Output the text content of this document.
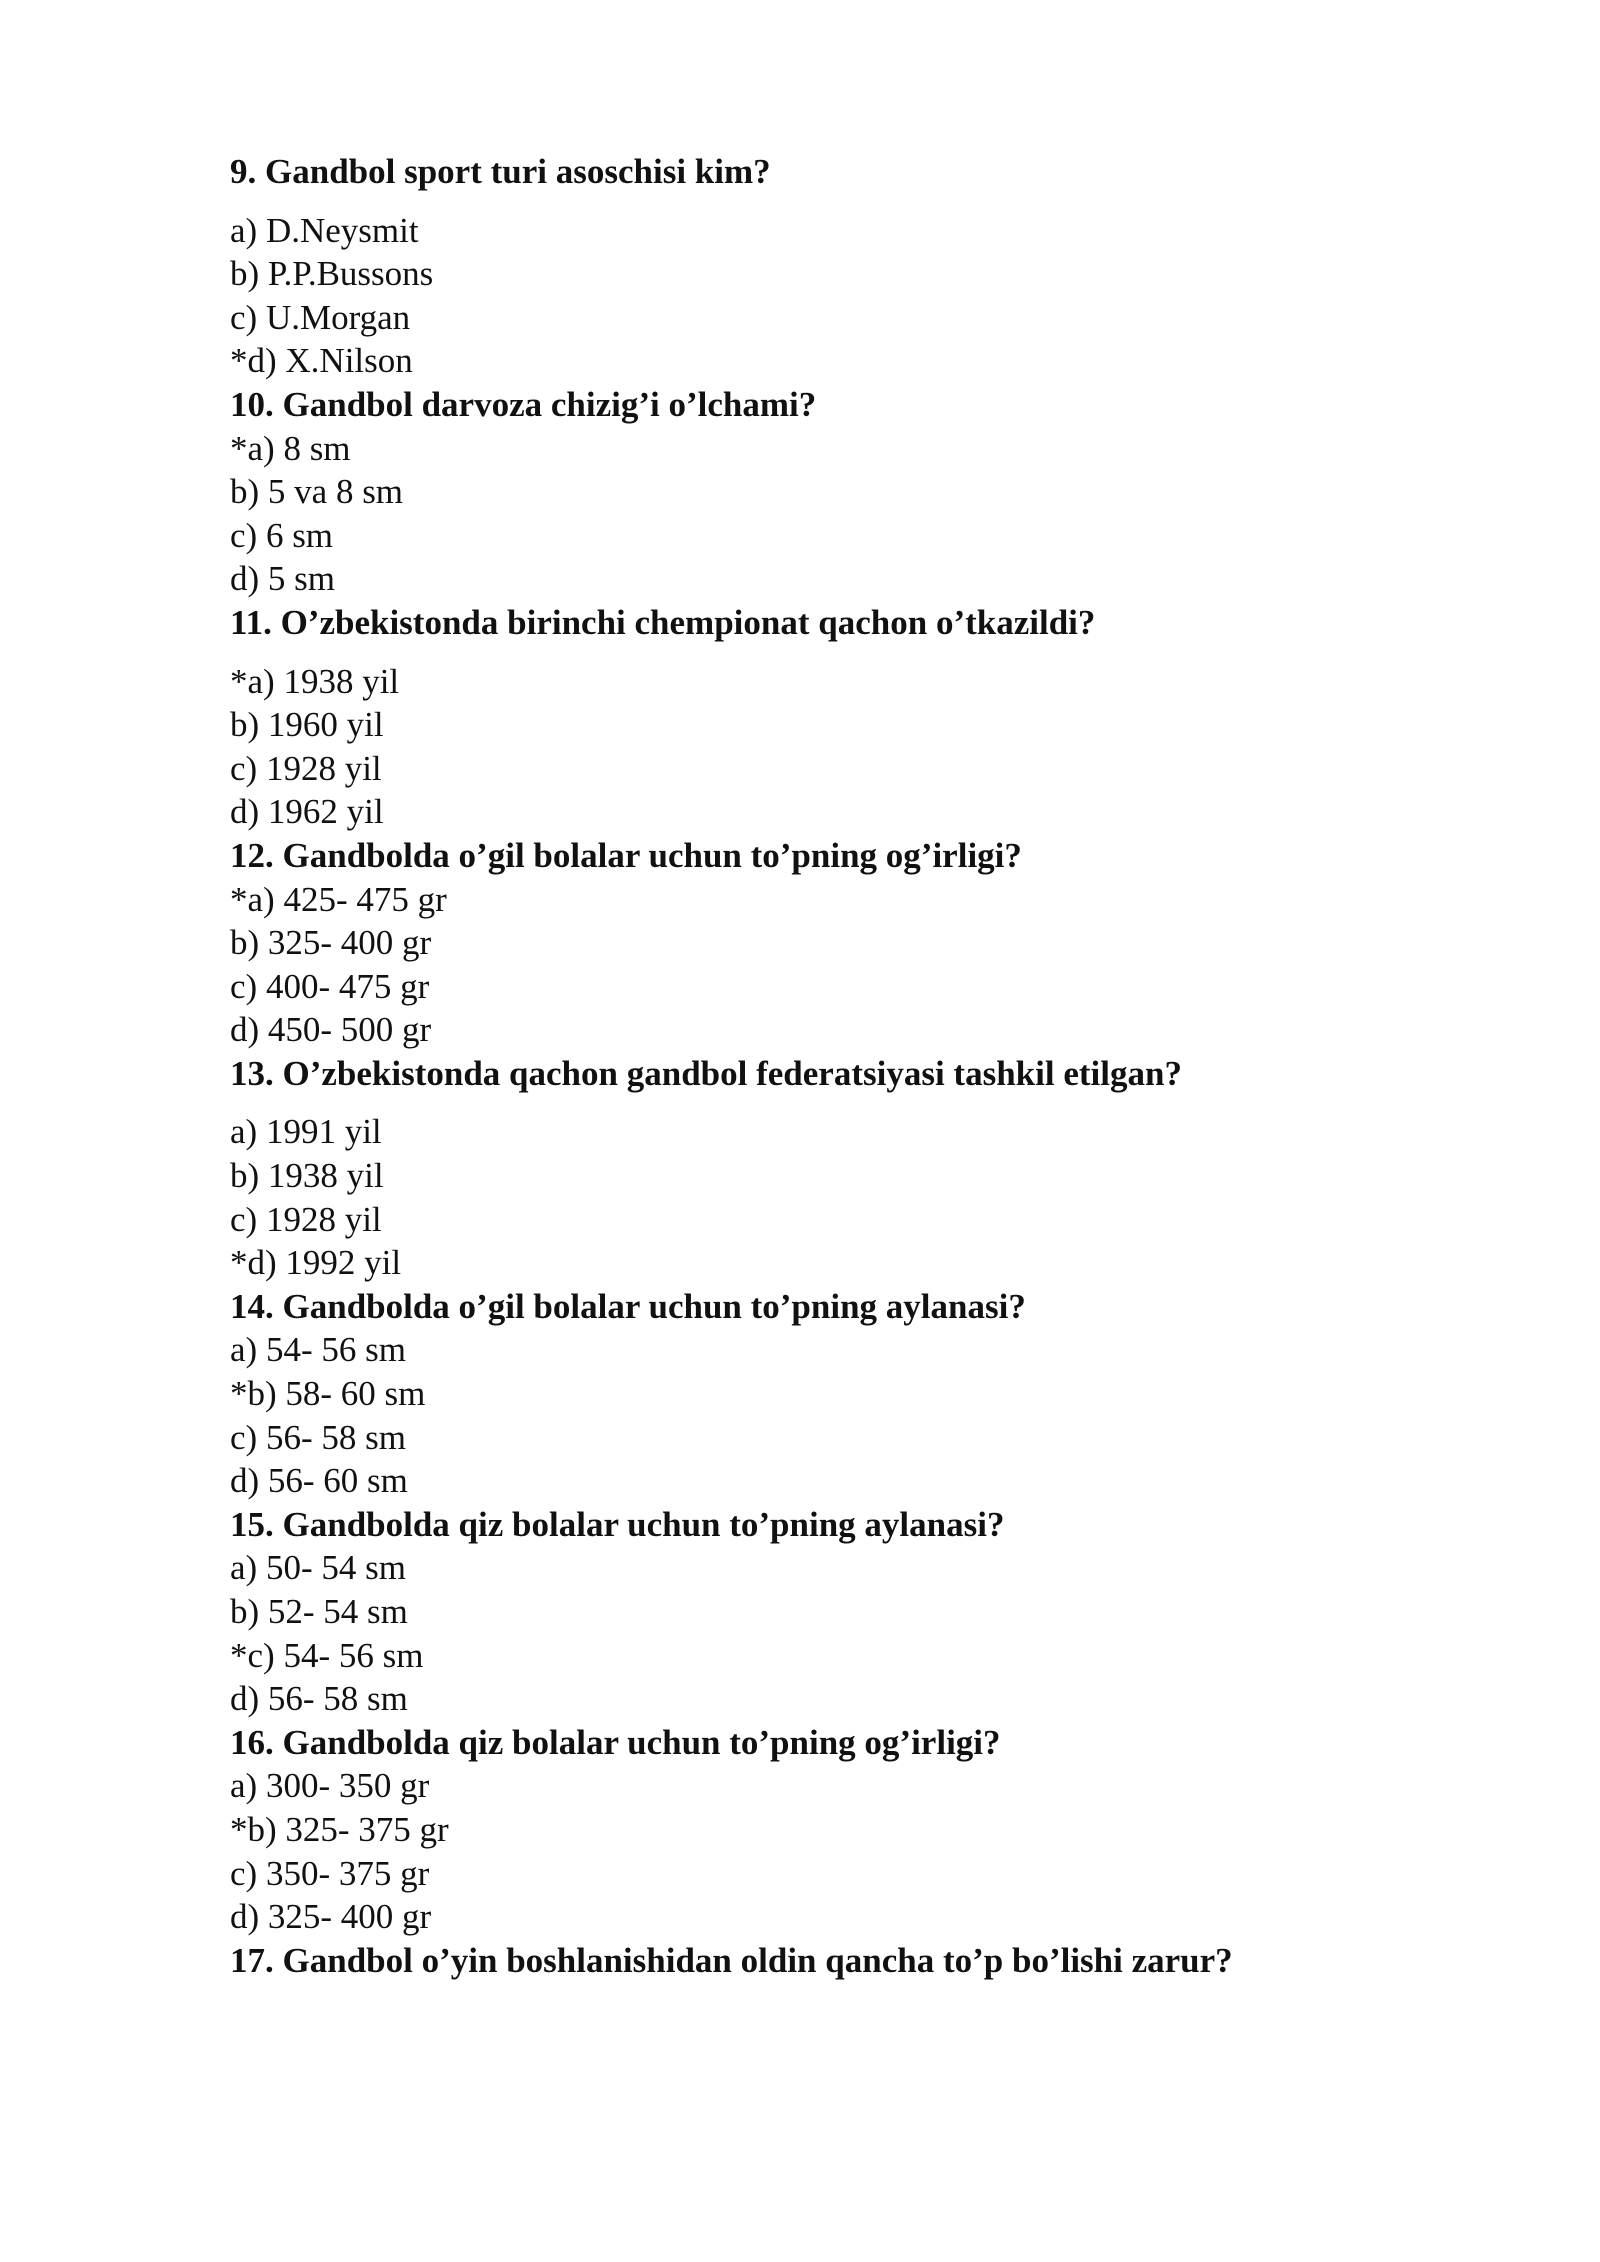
9. Gandbol sport turi asoschisi kim?

a) D.Neysmit

b) P.P.Bussons

c) U.Morgan

*d) X.Nilson

10. Gandbol darvoza chizig’i o’lchami?

*a) 8 sm

b) 5 va 8 sm

c) 6 sm

d) 5 sm

11. O’zbekistonda birinchi chempionat qachon o’tkazildi?

*a) 1938 yil

b) 1960 yil

c) 1928 yil

d) 1962 yil

12. Gandbolda o’gil bolalar uchun to’pning og’irligi?

*a) 425- 475 gr

b) 325- 400 gr

c) 400- 475 gr

d) 450- 500 gr

13. O’zbekistonda qachon gandbol federatsiyasi tashkil etilgan?

a) 1991 yil

b) 1938 yil

c) 1928 yil

*d) 1992 yil

14. Gandbolda o’gil bolalar uchun to’pning aylanasi?

a) 54- 56 sm

*b) 58- 60 sm

c) 56- 58 sm

d) 56- 60 sm

15. Gandbolda qiz bolalar uchun to’pning aylanasi?

a) 50- 54 sm

b) 52- 54 sm

*c) 54- 56 sm

d) 56- 58 sm

16. Gandbolda qiz bolalar uchun to’pning og’irligi?

a) 300- 350 gr

*b) 325- 375 gr

c) 350- 375 gr

d) 325- 400 gr

17. Gandbol o’yin boshlanishidan oldin qancha to’p bo’lishi zarur?
